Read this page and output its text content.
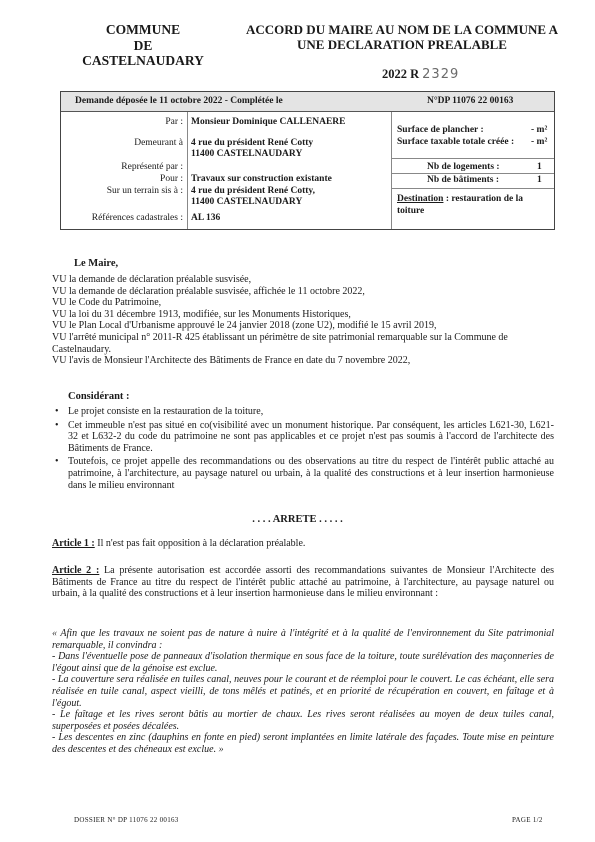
COMMUNE
DE
CASTELNAUDARY
ACCORD DU MAIRE AU NOM DE LA COMMUNE A
UNE DECLARATION PREALABLE
2022 R 2329
Demande déposée le 11 octobre 2022 - Complétée le	N°DP 11076 22 00163
Par : Monsieur Dominique CALLENAERE
Demeurant à 4 rue du président René Cotty
11400 CASTELNAUDARY
Représenté par :
Pour : Travaux sur construction existante
Sur un terrain sis à : 4 rue du président René Cotty,
11400 CASTELNAUDARY
Références cadastrales : AL 136
Surface de plancher :	- m²
Surface taxable totale créée : - m²
Nb de logements :	1
Nb de bâtiments :	1
Destination : restauration de la toiture
Le Maire,
VU la demande de déclaration préalable susvisée,
VU la demande de déclaration préalable susvisée, affichée le 11 octobre 2022,
VU le Code du Patrimoine,
VU la loi du 31 décembre 1913, modifiée, sur les Monuments Historiques,
VU le Plan Local d'Urbanisme approuvé le 24 janvier 2018 (zone U2), modifié le 15 avril 2019,
VU l'arrêté municipal n° 2011-R 425 établissant un périmètre de site patrimonial remarquable sur la Commune de Castelnaudary.
VU l'avis de Monsieur l'Architecte des Bâtiments de France en date du 7 novembre 2022,
Considérant :
• Le projet consiste en la restauration de la toiture,
• Cet immeuble n'est pas situé en co(visibilité avec un monument historique. Par conséquent, les articles L621-30, L621-32 et L632-2 du code du patrimoine ne sont pas applicables et ce projet n'est pas soumis à l'accord de l'architecte des Bâtiments de France.
• Toutefois, ce projet appelle des recommandations ou des observations au titre du respect de l'intérêt public attaché au patrimoine, à l'architecture, au paysage naturel ou urbain, à la qualité des constructions et à leur insertion harmonieuse dans le milieu environnant
. . . . ARRETE . . . . .
Article 1 : Il n'est pas fait opposition à la déclaration préalable.
Article 2 : La présente autorisation est accordée assorti des recommandations suivantes de Monsieur l'Architecte des Bâtiments de France au titre du respect de l'intérêt public attaché au patrimoine, à l'architecture, au paysage naturel ou urbain, à la qualité des constructions et à leur insertion harmonieuse dans le milieu environnant :
« Afin que les travaux ne soient pas de nature à nuire à l'intégrité et à la qualité de l'environnement du Site patrimonial remarquable, il convindra :
- Dans l'éventuelle pose de panneaux d'isolation thermique en sous face de la toiture, toute surélévation des maçonneries de l'égout ainsi que de la génoise est exclue.
- La couverture sera réalisée en tuiles canal, neuves pour le courant et de réemploi pour le couvert. Le cas échéant, elle sera réalisée en tuile canal, aspect vieilli, de tons mêlés et patinés, et en priorité de récupération en couvert, en faîtage et à l'égout.
- Le faîtage et les rives seront bâtis au mortier de chaux. Les rives seront réalisées au moyen de deux tuiles canal, superposées et posées décalées.
- Les descentes en zinc (dauphins en fonte en pied) seront implantées en limite latérale des façades. Toute mise en peinture des descentes et des chéneaux est exclue. »
DOSSIER N° DP 11076 22 00163	PAGE 1/2
